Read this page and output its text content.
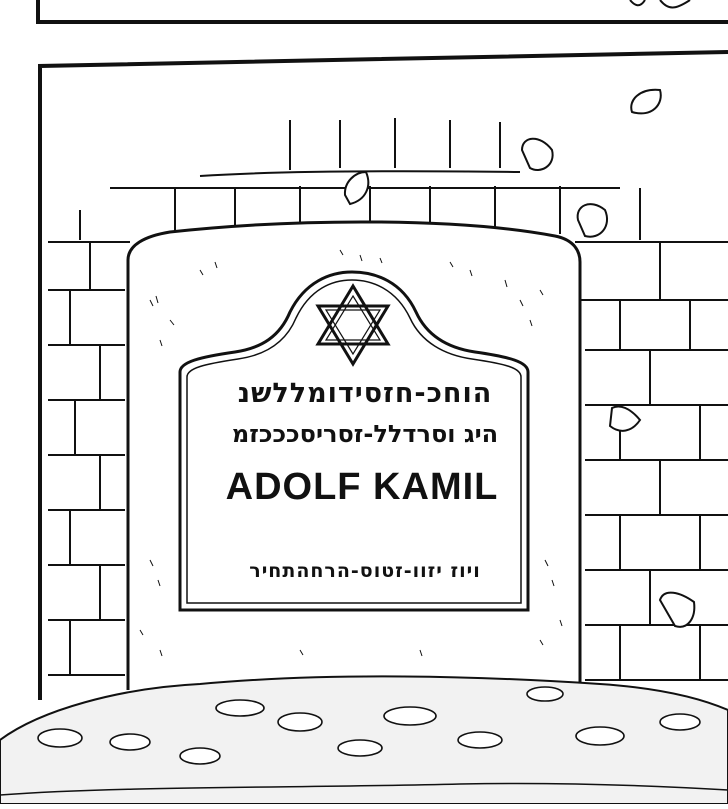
הוחכ-חזסידומללשנ
היג וסרדלל-זסריסכככזמ
ADOLF KAMIL
ויוז יזוו-זטוס-הרחהתחיר
